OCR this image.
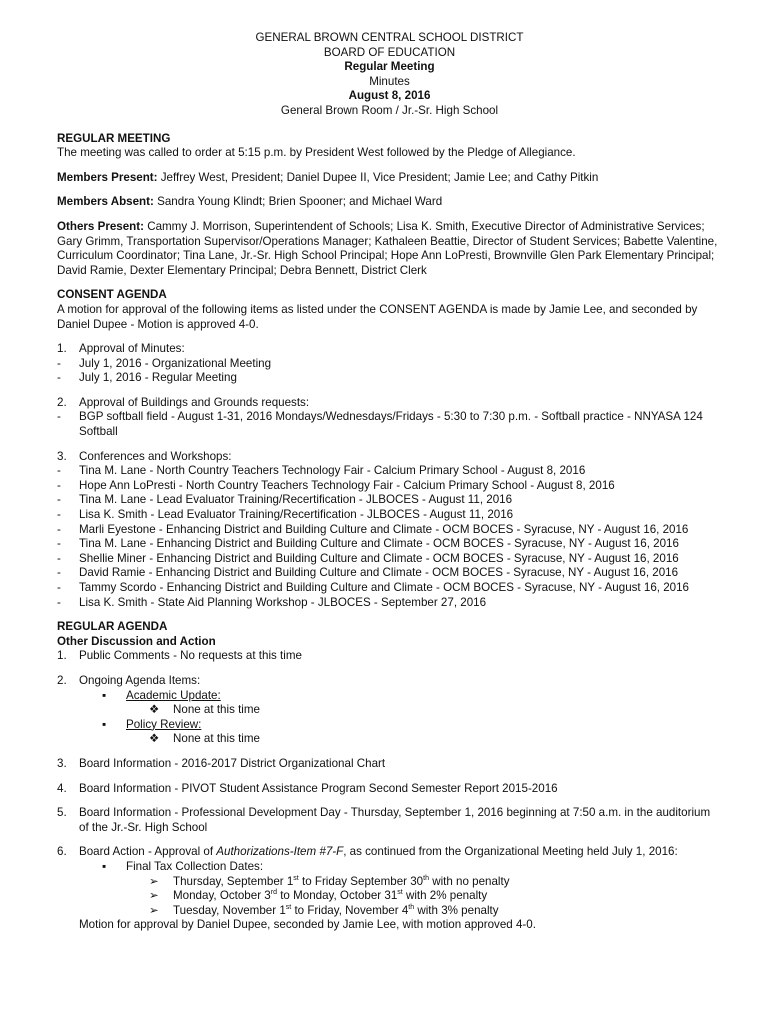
GENERAL BROWN CENTRAL SCHOOL DISTRICT

BOARD OF EDUCATION

Regular Meeting

Minutes

August 8, 2016

General Brown Room / Jr.-Sr. High School

REGULAR MEETING

The meeting was called to order at 5:15 p.m. by President West followed by the Pledge of Allegiance.

Members Present: Jeffrey West, President; Daniel Dupee II, Vice President; Jamie Lee; and Cathy Pitkin

Members Absent: Sandra Young Klindt; Brien Spooner; and Michael Ward

Others Present: Cammy J. Morrison, Superintendent of Schools; Lisa K. Smith, Executive Director of Administrative Services; Gary Grimm, Transportation Supervisor/Operations Manager; Kathaleen Beattie, Director of Student Services; Babette Valentine, Curriculum Coordinator; Tina Lane, Jr.-Sr. High School Principal; Hope Ann LoPresti, Brownville Glen Park Elementary Principal; David Ramie, Dexter Elementary Principal; Debra Bennett, District Clerk

CONSENT AGENDA

A motion for approval of the following items as listed under the CONSENT AGENDA is made by Jamie Lee, and seconded by Daniel Dupee - Motion is approved 4-0.

1.	Approval of Minutes:
-	July 1, 2016 - Organizational Meeting
-	July 1, 2016 - Regular Meeting
2.	Approval of Buildings and Grounds requests:
-	BGP softball field - August 1-31, 2016 Mondays/Wednesdays/Fridays - 5:30 to 7:30 p.m. - Softball practice - NNYASA 124 Softball
3.	Conferences and Workshops:
-	Tina M. Lane - North Country Teachers Technology Fair - Calcium Primary School - August 8, 2016
-	Hope Ann LoPresti - North Country Teachers Technology Fair - Calcium Primary School - August 8, 2016
-	Tina M. Lane - Lead Evaluator Training/Recertification - JLBOCES - August 11, 2016
-	Lisa K. Smith - Lead Evaluator Training/Recertification - JLBOCES - August 11, 2016
-	Marli Eyestone - Enhancing District and Building Culture and Climate - OCM BOCES - Syracuse, NY - August 16, 2016
-	Tina M. Lane - Enhancing District and Building Culture and Climate - OCM BOCES - Syracuse, NY - August 16, 2016
-	Shellie Miner - Enhancing District and Building Culture and Climate - OCM BOCES - Syracuse, NY - August 16, 2016
-	David Ramie - Enhancing District and Building Culture and Climate - OCM BOCES - Syracuse, NY - August 16, 2016
-	Tammy Scordo - Enhancing District and Building Culture and Climate - OCM BOCES - Syracuse, NY - August 16, 2016
-	Lisa K. Smith - State Aid Planning Workshop - JLBOCES - September 27, 2016

REGULAR AGENDA

Other Discussion and Action

1.	Public Comments - No requests at this time
2.	Ongoing Agenda Items:
▪ Academic Update:
❖ None at this time
▪ Policy Review:
❖ None at this time
3.	Board Information - 2016-2017 District Organizational Chart
4.	Board Information - PIVOT Student Assistance Program Second Semester Report 2015-2016
5.	Board Information - Professional Development Day - Thursday, September 1, 2016 beginning at 7:50 a.m. in the auditorium of the Jr.-Sr. High School
6.	Board Action - Approval of Authorizations-Item #7-F, as continued from the Organizational Meeting held July 1, 2016:
▪ Final Tax Collection Dates:
➢ Thursday, September 1st to Friday September 30th with no penalty
➢ Monday, October 3rd to Monday, October 31st with 2% penalty
➢ Tuesday, November 1st to Friday, November 4th with 3% penalty

Motion for approval by Daniel Dupee, seconded by Jamie Lee, with motion approved 4-0.
